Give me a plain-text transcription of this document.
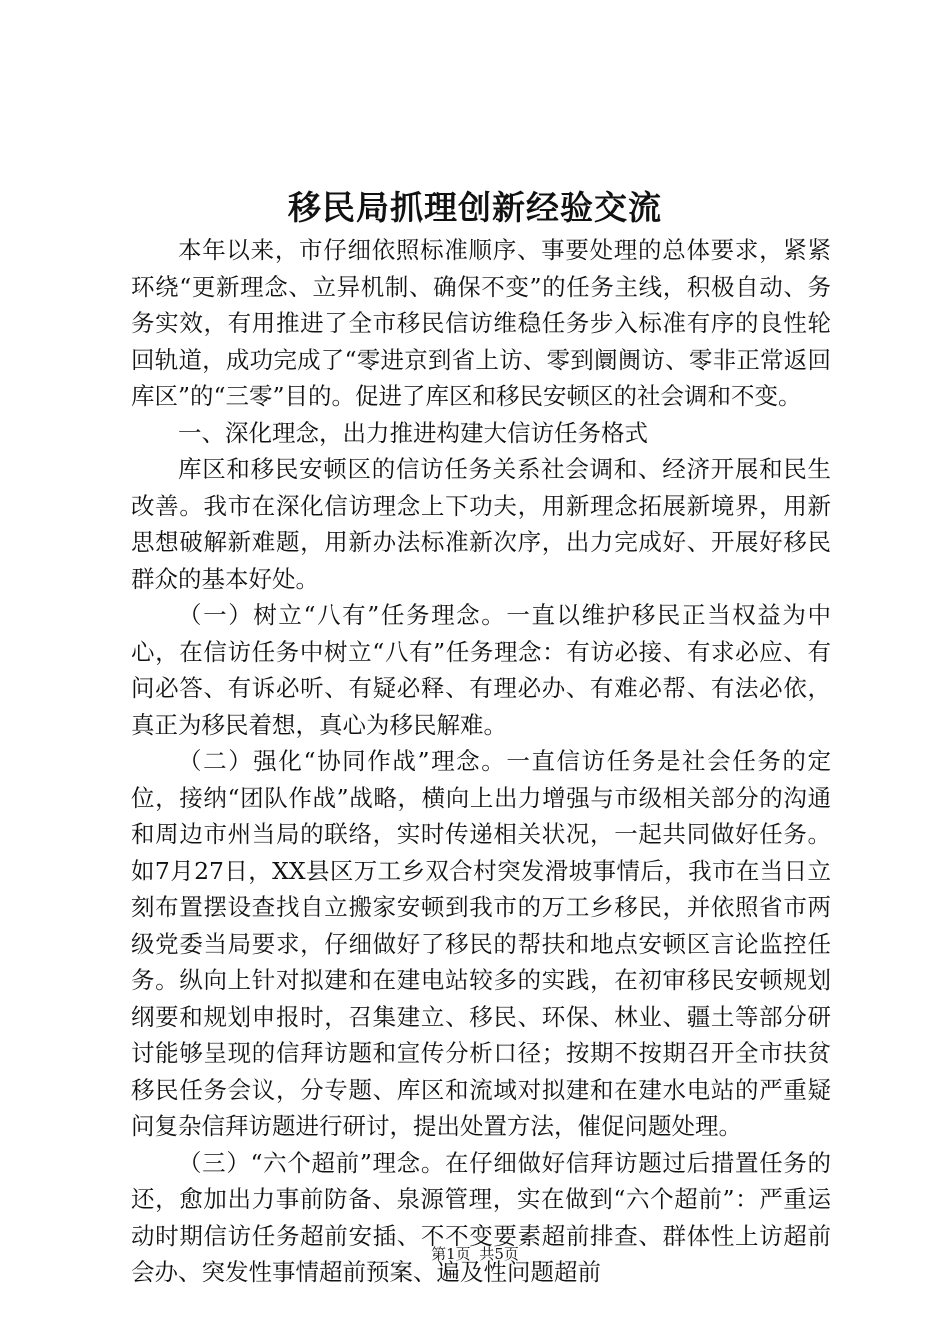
移民局抓理创新经验交流

本年以来，市仔细依照标准顺序、事要处理的总体要求，紧紧环绕“更新理念、立异机制、确保不变”的任务主线，积极自动、务务实效，有用推进了全市移民信访维稳任务步入标准有序的良性轮回轨道，成功完成了“零进京到省上访、零到阛阓访、零非正常返回库区”的“三零”目的。促进了库区和移民安顿区的社会调和不变。

一、深化理念，出力推进构建大信访任务格式

库区和移民安顿区的信访任务关系社会调和、经济开展和民生改善。我市在深化信访理念上下功夫，用新理念拓展新境界，用新思想破解新难题，用新办法标准新次序，出力完成好、开展好移民群众的基本好处。

（一）树立“八有”任务理念。一直以维护移民正当权益为中心，在信访任务中树立“八有”任务理念：有访必接、有求必应、有问必答、有诉必听、有疑必释、有理必办、有难必帮、有法必依，真正为移民着想，真心为移民解难。

（二）强化“协同作战”理念。一直信访任务是社会任务的定位，接纳“团队作战”战略，横向上出力增强与市级相关部分的沟通和周边市州当局的联络，实时传递相关状况，一起共同做好任务。如7月27日，XX县区万工乡双合村突发滑坡事情后，我市在当日立刻布置摆设查找自立搬家安顿到我市的万工乡移民，并依照省市两级党委当局要求，仔细做好了移民的帮扶和地点安顿区言论监控任务。纵向上针对拟建和在建电站较多的实践，在初审移民安顿规划纲要和规划申报时，召集建立、移民、环保、林业、疆土等部分研讨能够呈现的信拜访题和宣传分析口径；按期不按期召开全市扶贫移民任务会议，分专题、库区和流域对拟建和在建水电站的严重疑问复杂信拜访题进行研讨，提出处置方法，催促问题处理。

（三）“六个超前”理念。在仔细做好信拜访题过后措置任务的还，愈加出力事前防备、泉源管理，实在做到“六个超前”：严重运动时期信访任务超前安插、不不变要素超前排查、群体性上访超前会办、突发性事情超前预案、遍及性问题超前

第1页 共5页
